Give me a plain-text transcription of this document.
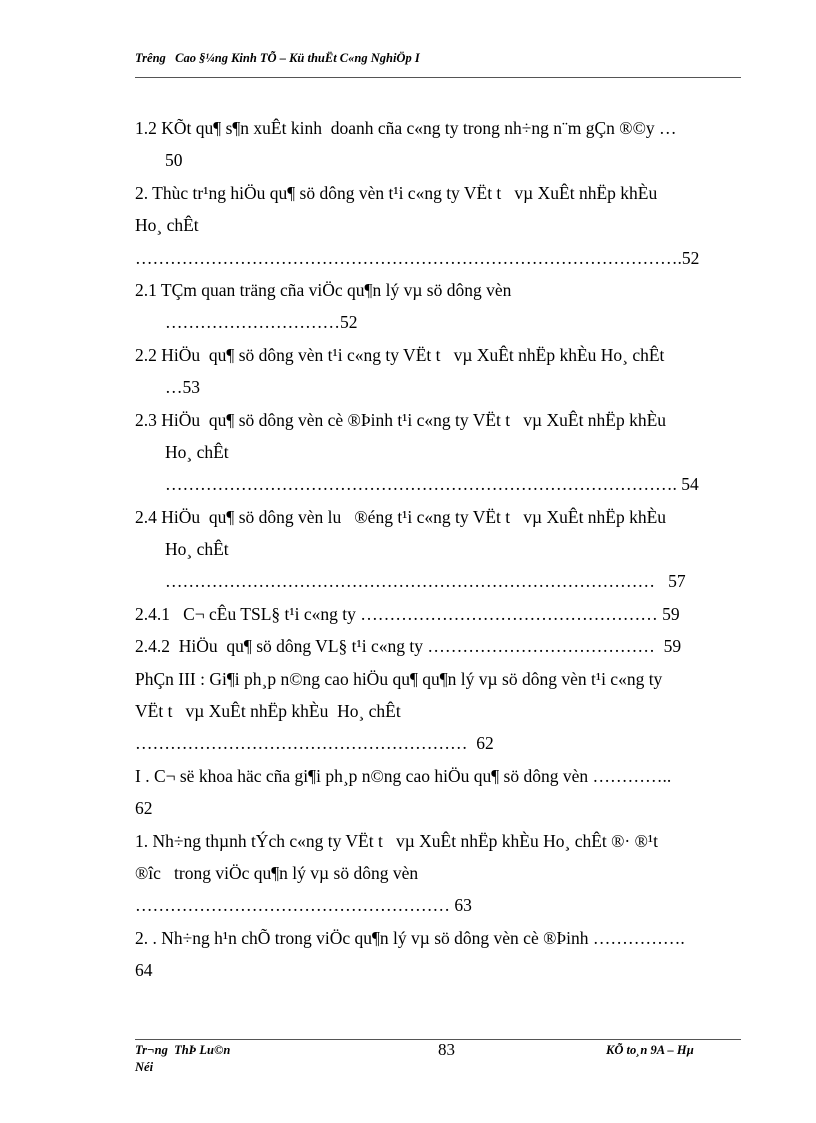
Trêng   Cao §¼ng Kinh TÕ – Kü thuËt C«ng NghiÖp I
1.2 KÕt qu¶ s¶n xuÊt kinh  doanh cña c«ng ty trong nh÷ng n¨m gÇn ®©y …
50
2. Thùc tr¹ng hiÖu qu¶ sö dông vèn t¹i c«ng ty VËt t   vµ XuÊt nhËp khÈu
Ho¸ chÊt
………………………………………………………………………………….52
2.1 TÇm quan träng cña viÖc qu¶n lý vµ sö dông vèn
…………………………52
2.2 HiÖu  qu¶ sö dông vèn t¹i c«ng ty VËt t   vµ XuÊt nhËp khÈu Ho¸ chÊt
…53
2.3 HiÖu  qu¶ sö dông vèn cè ®Þinh t¹i c«ng ty VËt t   vµ XuÊt nhËp khÈu
Ho¸ chÊt
……………………………………………………………………………. 54
2.4 HiÖu  qu¶ sö dông vèn lu   ®éng t¹i c«ng ty VËt t   vµ XuÊt nhËp khÈu
Ho¸ chÊt
…………………………………………………………………………   57
2.4.1   C¬ cÊu TSL§ t¹i c«ng ty …………………………………………… 59
2.4.2  HiÖu  qu¶ sö dông VL§ t¹i c«ng ty …………………………………  59
PhÇn III : Gi¶i ph¸p n©ng cao hiÖu qu¶ qu¶n lý vµ sö dông vèn t¹i c«ng ty
VËt t   vµ XuÊt nhËp khÈu  Ho¸ chÊt
…………………………………………………  62
I . C¬ së khoa häc cña gi¶i ph¸p n©ng cao hiÖu qu¶ sö dông vèn …………..
62
1. Nh÷ng thµnh tÝch c«ng ty VËt t   vµ XuÊt nhËp khÈu Ho¸ chÊt ®· ®¹t
®îc   trong viÖc qu¶n lý vµ sö dông vèn
……………………………………………… 63
2. . Nh÷ng h¹n chÕ trong viÖc qu¶n lý vµ sö dông vèn cè ®Þinh …………….
64
Tr¬ng  ThÞ Lu©n
Néi
83	KÕ to¸n 9A – Hµ
